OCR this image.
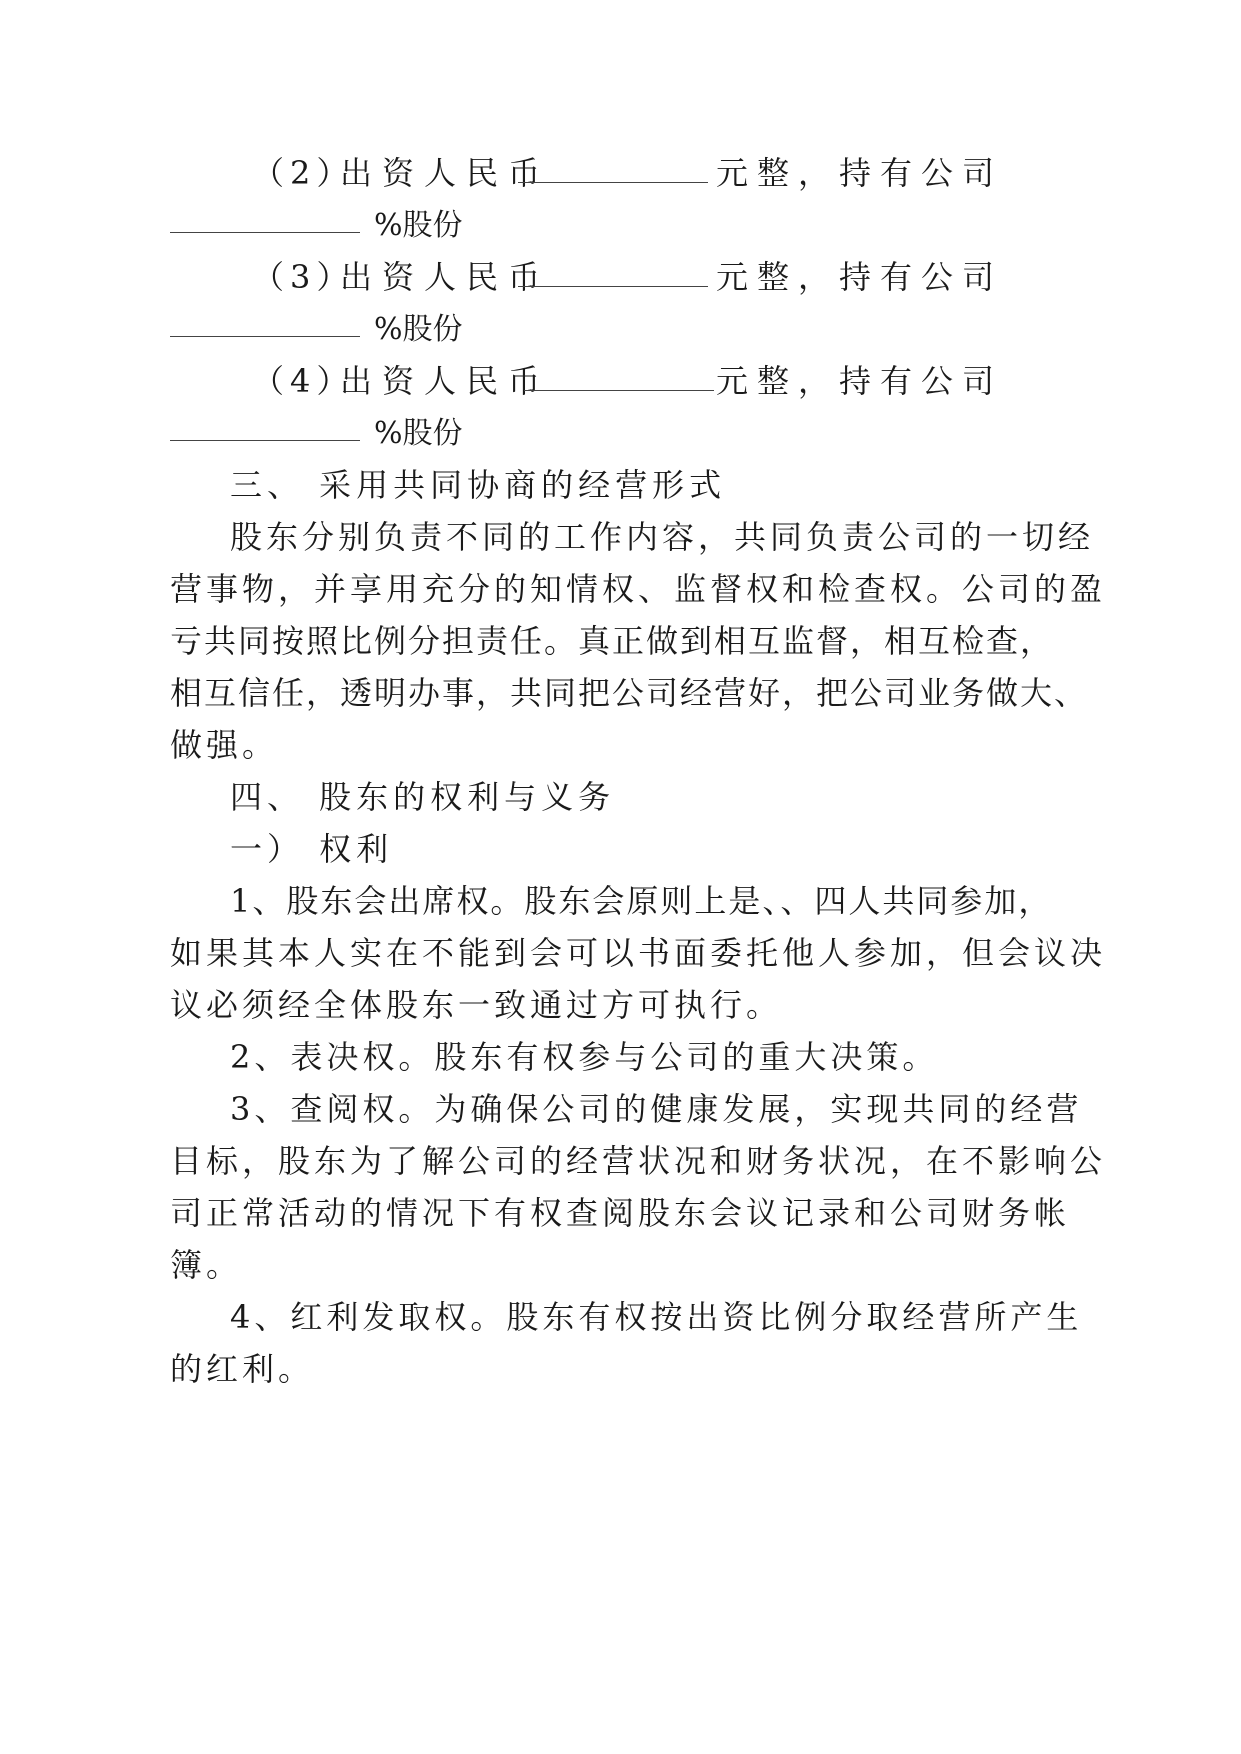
（2）
出资人民币	元整，持有公司
%股份
（3）
出资人民币	元整，持有公司
%股份
（4）
出资人民币	元整，持有公司
%股份
三、 采用共同协商的经营形式
股东分别负责不同的工作内容，共同负责公司的一切经
营事物，并享用充分的知情权、监督权和检查权。公司的盈
亏共同按照比例分担责任。真正做到相互监督，相互检查，
相互信任，透明办事，共同把公司经营好，把公司业务做大、
做强。
四、 股东的权利与义务
一） 权利
1、股东会出席权。股东会原则上是、、四人共同参加，
如果其本人实在不能到会可以书面委托他人参加，但会议决
议必须经全体股东一致通过方可执行。
2、表决权。股东有权参与公司的重大决策。
3、查阅权。为确保公司的健康发展，实现共同的经营
目标，股东为了解公司的经营状况和财务状况，在不影响公
司正常活动的情况下有权查阅股东会议记录和公司财务帐
簿。
4、红利发取权。股东有权按出资比例分取经营所产生
的红利。
